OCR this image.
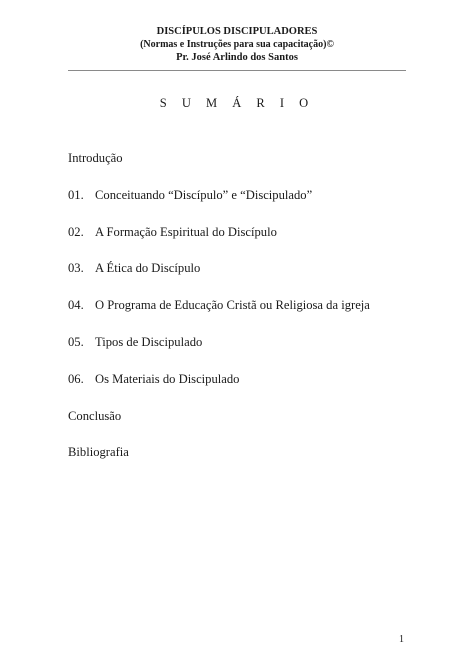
DISCÍPULOS DISCIPULADORES
(Normas e Instruções para sua capacitação)©
Pr. José Arlindo dos Santos
S U M Á R I O
Introdução
01. Conceituando “Discípulo” e “Discipulado”
02. A Formação Espiritual do Discípulo
03. A Ética do Discípulo
04. O Programa de Educação Cristã ou Religiosa da igreja
05. Tipos de Discipulado
06. Os Materiais do Discipulado
Conclusão
Bibliografia
1
